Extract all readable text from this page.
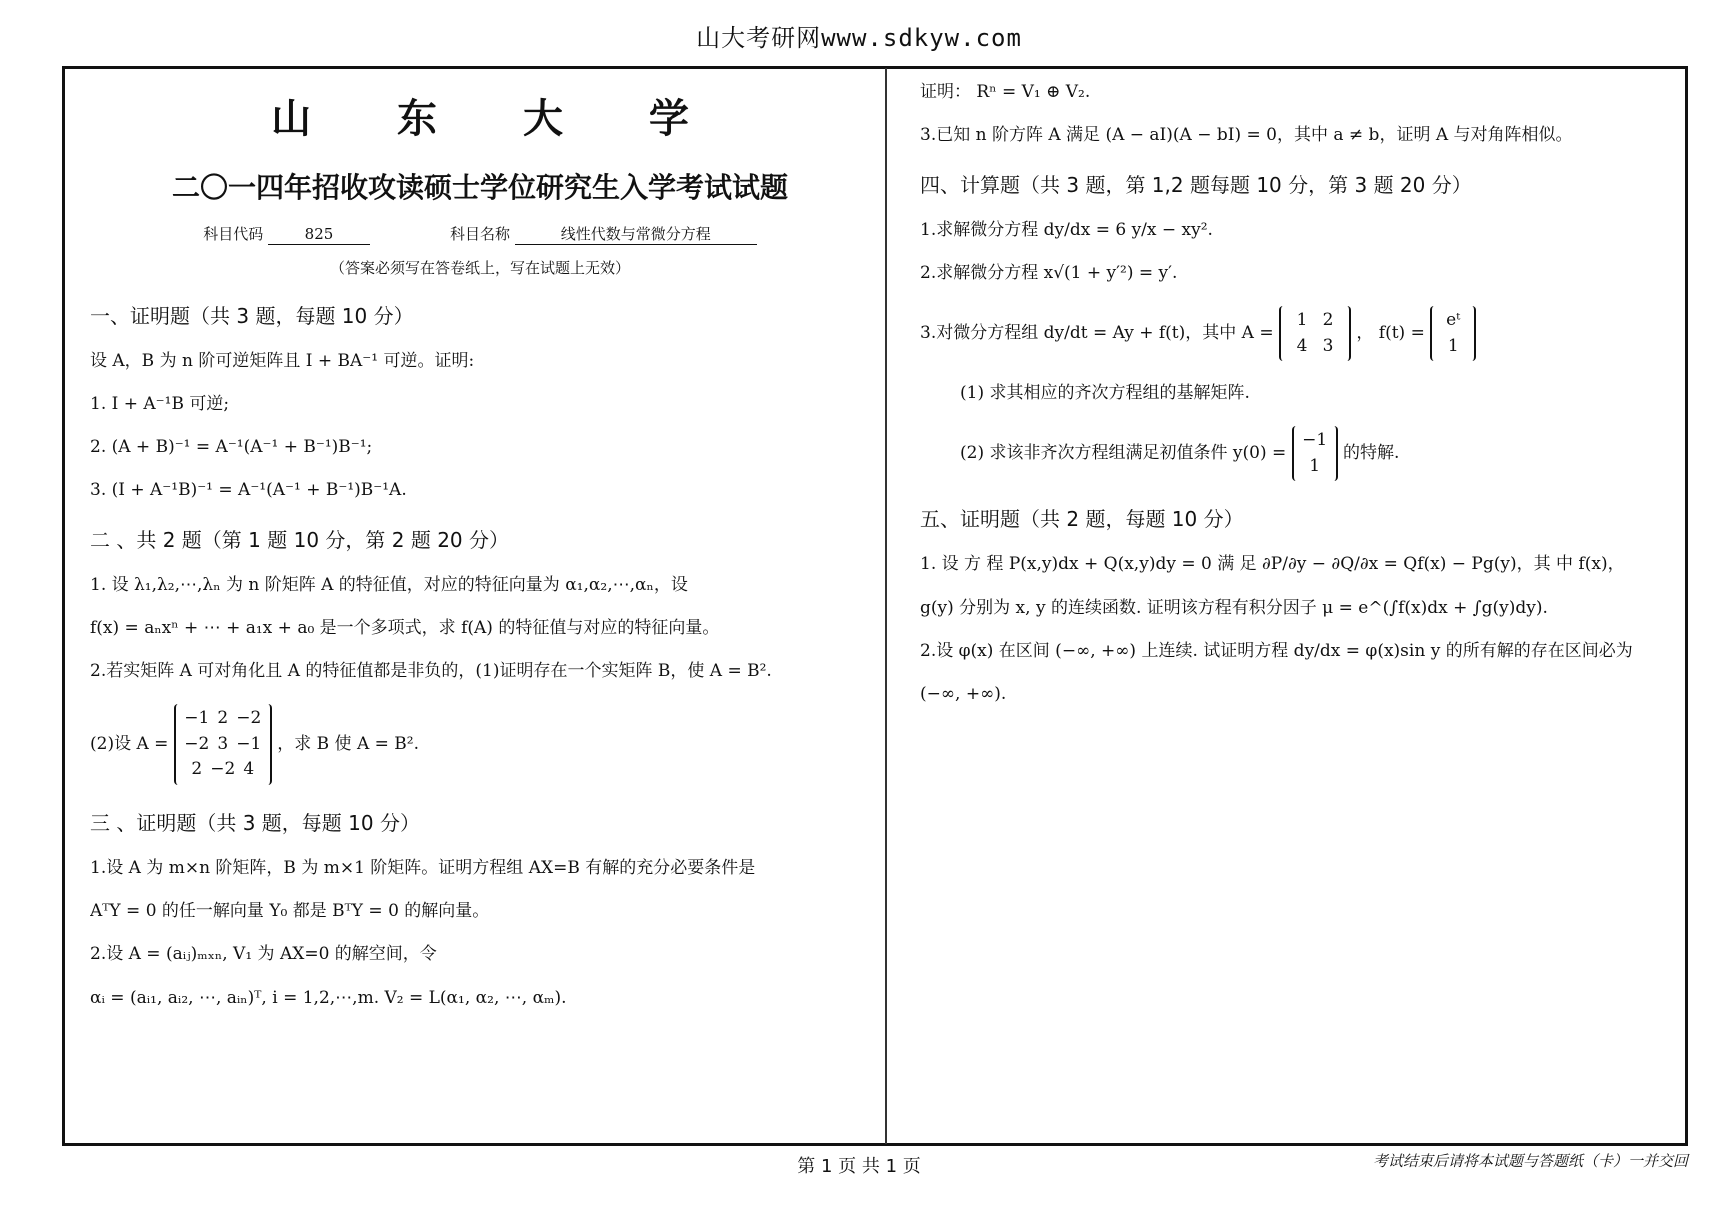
山大考研网www.sdkyw.com
山 东 大 学
二〇一四年招收攻读硕士学位研究生入学考试试题
科目代码	825	科目名称	线性代数与常微分方程
（答案必须写在答卷纸上，写在试题上无效）
一、证明题（共 3 题，每题 10 分）
设 A，B 为 n 阶可逆矩阵且 I + BA⁻¹ 可逆。证明:
1. I + A⁻¹B 可逆;
2. (A + B)⁻¹ = A⁻¹(A⁻¹ + B⁻¹)B⁻¹;
3. (I + A⁻¹B)⁻¹ = A⁻¹(A⁻¹ + B⁻¹)B⁻¹A.
二 、共 2 题（第 1 题 10 分，第 2 题 20 分）
1. 设 λ₁,λ₂,⋯,λₙ 为 n 阶矩阵 A 的特征值，对应的特征向量为 α₁,α₂,⋯,αₙ，设
f(x) = aₙxⁿ + ⋯ + a₁x + a₀ 是一个多项式，求 f(A) 的特征值与对应的特征向量。
2.若实矩阵 A 可对角化且 A 的特征值都是非负的，(1)证明存在一个实矩阵 B，使 A = B².
(2)设 A =
−1 2 −2
−2 3 −1
2 −2 4
，求 B 使 A = B².
三 、证明题（共 3 题，每题 10 分）
1.设 A 为 m×n 阶矩阵，B 为 m×1 阶矩阵。证明方程组 AX=B 有解的充分必要条件是
AᵀY = 0 的任一解向量 Y₀ 都是 BᵀY = 0 的解向量。
2.设 A = (aᵢⱼ)ₘₓₙ, V₁ 为 AX=0 的解空间，令
αᵢ = (aᵢ₁, aᵢ₂, ⋯, aᵢₙ)ᵀ, i = 1,2,⋯,m. V₂ = L(α₁, α₂, ⋯, αₘ).
证明： Rⁿ = V₁ ⊕ V₂.
3.已知 n 阶方阵 A 满足 (A − aI)(A − bI) = 0，其中 a ≠ b，证明 A 与对角阵相似。
四、计算题（共 3 题，第 1,2 题每题 10 分，第 3 题 20 分）
1.求解微分方程 dy/dx = 6 y/x − xy².
2.求解微分方程 x√(1 + y′²) = y′.
3.对微分方程组 dy/dt = Ay + f(t)，其中 A =
1 2
4 3
， f(t) =
eᵗ
1
(1) 求其相应的齐次方程组的基解矩阵.
(2) 求该非齐次方程组满足初值条件 y(0) =
−1
1
的特解.
五、证明题（共 2 题，每题 10 分）
1. 设 方 程 P(x,y)dx + Q(x,y)dy = 0 满 足 ∂P/∂y − ∂Q/∂x = Qf(x) − Pg(y)，其 中 f(x)，
g(y) 分别为 x, y 的连续函数. 证明该方程有积分因子 μ = e^(∫f(x)dx + ∫g(y)dy).
2.设 φ(x) 在区间 (−∞, +∞) 上连续. 试证明方程 dy/dx = φ(x)sin y 的所有解的存在区间必为
(−∞, +∞).
第 1 页 共 1 页	考试结束后请将本试题与答题纸（卡）一并交回
